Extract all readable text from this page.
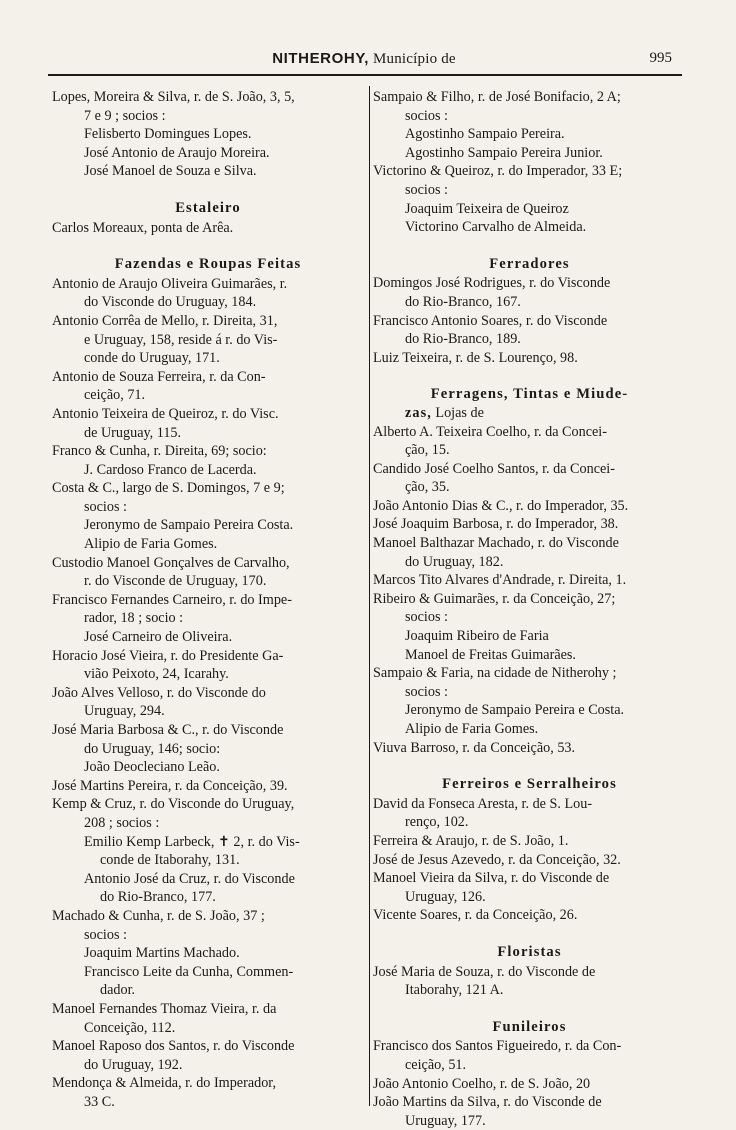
NITHEROHY, Município de	995
Lopes, Moreira & Silva, r. de S. João, 3, 5,
7 e 9 ; socios :
Felisberto Domingues Lopes.
José Antonio de Araujo Moreira.
José Manoel de Souza e Silva.
Estaleiro
Carlos Moreaux, ponta de Arêa.
Fazendas e Roupas Feitas
Antonio de Araujo Oliveira Guimarães, r.
do Visconde do Uruguay, 184.
Antonio Corrêa de Mello, r. Direita, 31,
e Uruguay, 158, reside á r. do Vis-
conde do Uruguay, 171.
Antonio de Souza Ferreira, r. da Con-
ceição, 71.
Antonio Teixeira de Queiroz, r. do Visc.
de Uruguay, 115.
Franco & Cunha, r. Direita, 69; socio:
J. Cardoso Franco de Lacerda.
Costa & C., largo de S. Domingos, 7 e 9;
socios :
Jeronymo de Sampaio Pereira Costa.
Alipio de Faria Gomes.
Custodio Manoel Gonçalves de Carvalho,
r. do Visconde de Uruguay, 170.
Francisco Fernandes Carneiro, r. do Impe-
rador, 18 ; socio :
José Carneiro de Oliveira.
Horacio José Vieira, r. do Presidente Ga-
vião Peixoto, 24, Icarahy.
João Alves Velloso, r. do Visconde do
Uruguay, 294.
José Maria Barbosa & C., r. do Visconde
do Uruguay, 146; socio:
João Deocleciano Leão.
José Martins Pereira, r. da Conceição, 39.
Kemp & Cruz, r. do Visconde do Uruguay,
208 ; socios :
Emilio Kemp Larbeck, ✝ 2, r. do Vis-
conde de Itaborahy, 131.
Antonio José da Cruz, r. do Visconde
do Rio-Branco, 177.
Machado & Cunha, r. de S. João, 37 ;
socios :
Joaquim Martins Machado.
Francisco Leite da Cunha, Commen-
dador.
Manoel Fernandes Thomaz Vieira, r. da
Conceição, 112.
Manoel Raposo dos Santos, r. do Visconde
do Uruguay, 192.
Mendonça & Almeida, r. do Imperador,
33 C.
Sampaio & Filho, r. de José Bonifacio, 2 A;
socios :
Agostinho Sampaio Pereira.
Agostinho Sampaio Pereira Junior.
Victorino & Queiroz, r. do Imperador, 33 E;
socios :
Joaquim Teixeira de Queiroz
Victorino Carvalho de Almeida.
Ferradores
Domingos José Rodrigues, r. do Visconde
do Rio-Branco, 167.
Francisco Antonio Soares, r. do Visconde
do Rio-Branco, 189.
Luiz Teixeira, r. de S. Lourenço, 98.
Ferragens, Tintas e Miude-
zas, Lojas de
Alberto A. Teixeira Coelho, r. da Concei-
ção, 15.
Candido José Coelho Santos, r. da Concei-
ção, 35.
João Antonio Dias & C., r. do Imperador, 35.
José Joaquim Barbosa, r. do Imperador, 38.
Manoel Balthazar Machado, r. do Visconde
do Uruguay, 182.
Marcos Tito Alvares d'Andrade, r. Direita, 1.
Ribeiro & Guimarães, r. da Conceição, 27;
socios :
Joaquim Ribeiro de Faria
Manoel de Freitas Guimarães.
Sampaio & Faria, na cidade de Nitherohy ;
socios :
Jeronymo de Sampaio Pereira e Costa.
Alipio de Faria Gomes.
Viuva Barroso, r. da Conceição, 53.
Ferreiros e Serralheiros
David da Fonseca Aresta, r. de S. Lou-
renço, 102.
Ferreira & Araujo, r. de S. João, 1.
José de Jesus Azevedo, r. da Conceição, 32.
Manoel Vieira da Silva, r. do Visconde de
Uruguay, 126.
Vicente Soares, r. da Conceição, 26.
Floristas
José Maria de Souza, r. do Visconde de
Itaborahy, 121 A.
Funileiros
Francisco dos Santos Figueiredo, r. da Con-
ceição, 51.
João Antonio Coelho, r. de S. João, 20
João Martins da Silva, r. do Visconde de
Uruguay, 177.
